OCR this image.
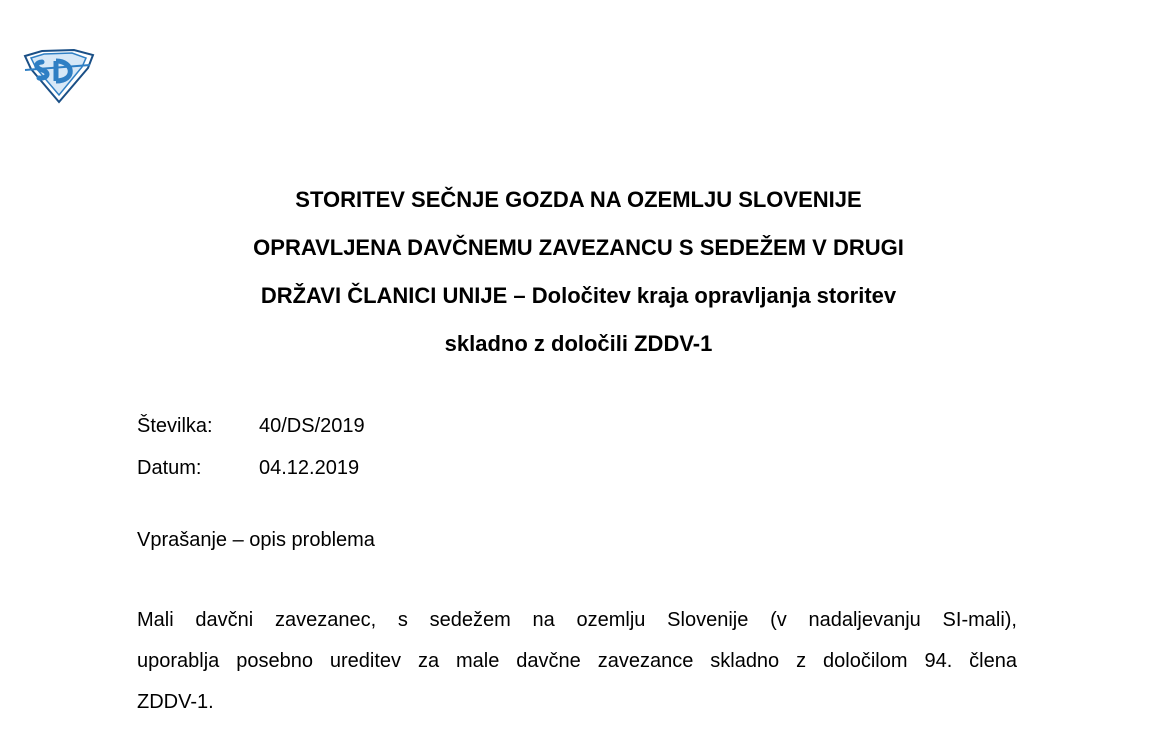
STORITEV SEČNJE GOZDA NA OZEMLJU SLOVENIJE
OPRAVLJENA DAVČNEMU ZAVEZANCU S SEDEŽEM V DRUGI
DRŽAVI ČLANICI UNIJE – Določitev kraja opravljanja storitev
skladno z določili ZDDV-1
Številka:	40/DS/2019
Datum:	04.12.2019
Vprašanje – opis problema
Mali davčni zavezanec, s sedežem na ozemlju Slovenije (v nadaljevanju SI-mali),
uporablja posebno ureditev za male davčne zavezance skladno z določilom 94. člena
ZDDV-1.
